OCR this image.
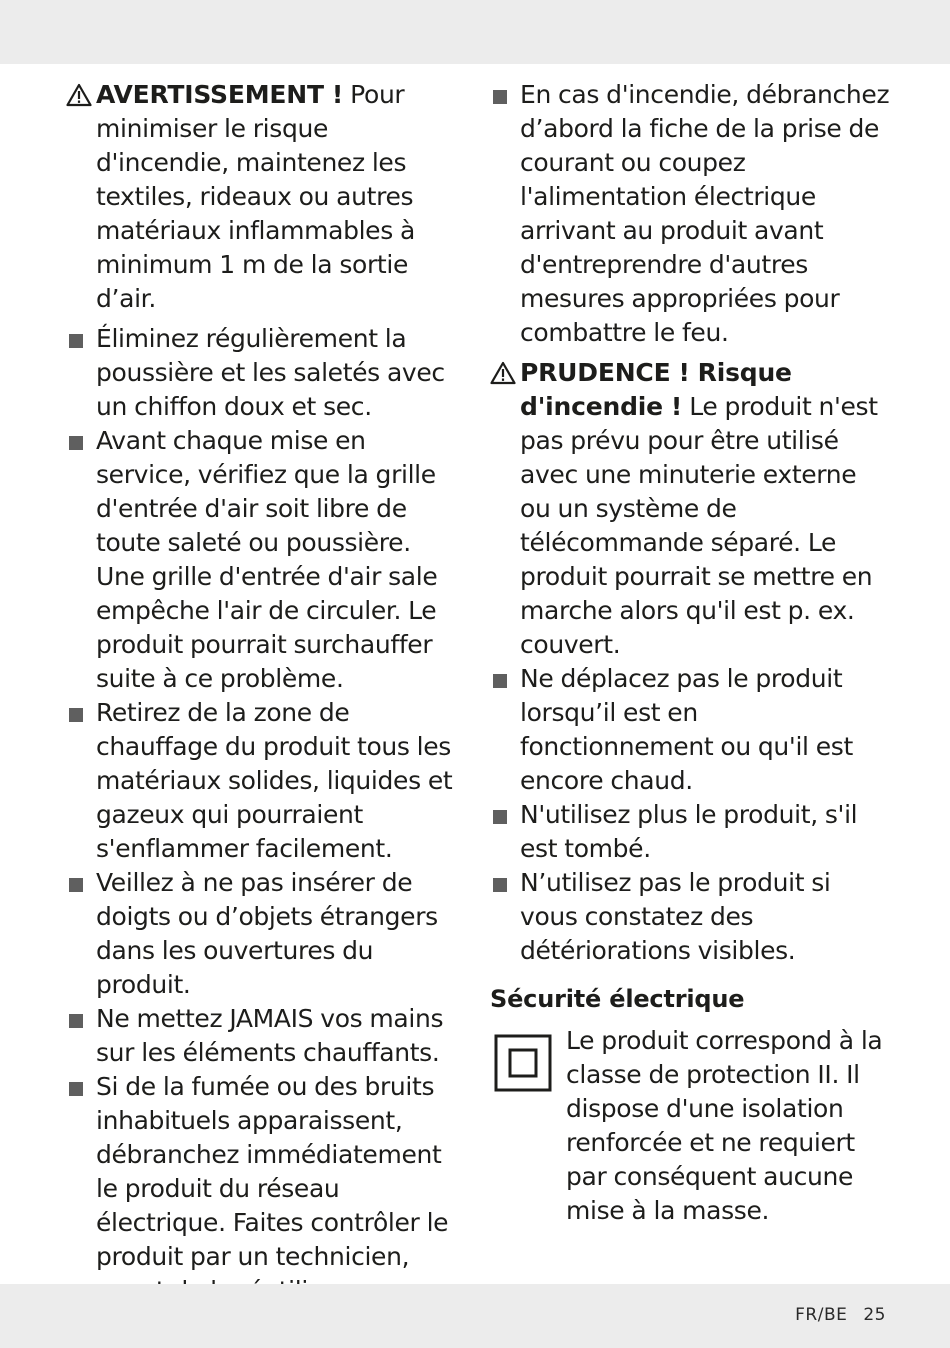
AVERTISSEMENT ! Pour minimiser le risque d'incendie, maintenez les textiles, rideaux ou autres matériaux inflammables à minimum 1 m de la sortie d’air.
Éliminez régulièrement la poussière et les saletés avec un chiffon doux et sec.
Avant chaque mise en service, vérifiez que la grille d'entrée d'air soit libre de toute saleté ou poussière. Une grille d'entrée d'air sale empêche l'air de circuler. Le produit pourrait surchauffer suite à ce problème.
Retirez de la zone de chauffage du produit tous les matériaux solides, liquides et gazeux qui pourraient s'enflammer facilement.
Veillez à ne pas insérer de doigts ou d’objets étrangers dans les ouvertures du produit.
Ne mettez JAMAIS vos mains sur les éléments chauffants.
Si de la fumée ou des bruits inhabituels apparaissent, débranchez immédiatement le produit du réseau électrique. Faites contrôler le produit par un technicien,
En cas d'incendie, débranchez d’abord la fiche de la prise de courant ou coupez l'alimentation électrique arrivant au produit avant d'entreprendre d'autres mesures appropriées pour combattre le feu.
PRUDENCE ! Risque d'incendie ! Le produit n'est pas prévu pour être utilisé avec une minuterie externe ou un système de télécommande séparé. Le produit pourrait se mettre en marche alors qu'il est p. ex. couvert.
Ne déplacez pas le produit lorsqu’il est en fonctionnement ou qu'il est encore chaud.
N'utilisez plus le produit, s'il est tombé.
N’utilisez pas le produit si vous constatez des détériorations visibles.
Sécurité électrique
Le produit correspond à la classe de protection II. Il dispose d'une isolation renforcée et ne requiert par conséquent aucune mise à la masse.
FR/BE 25
